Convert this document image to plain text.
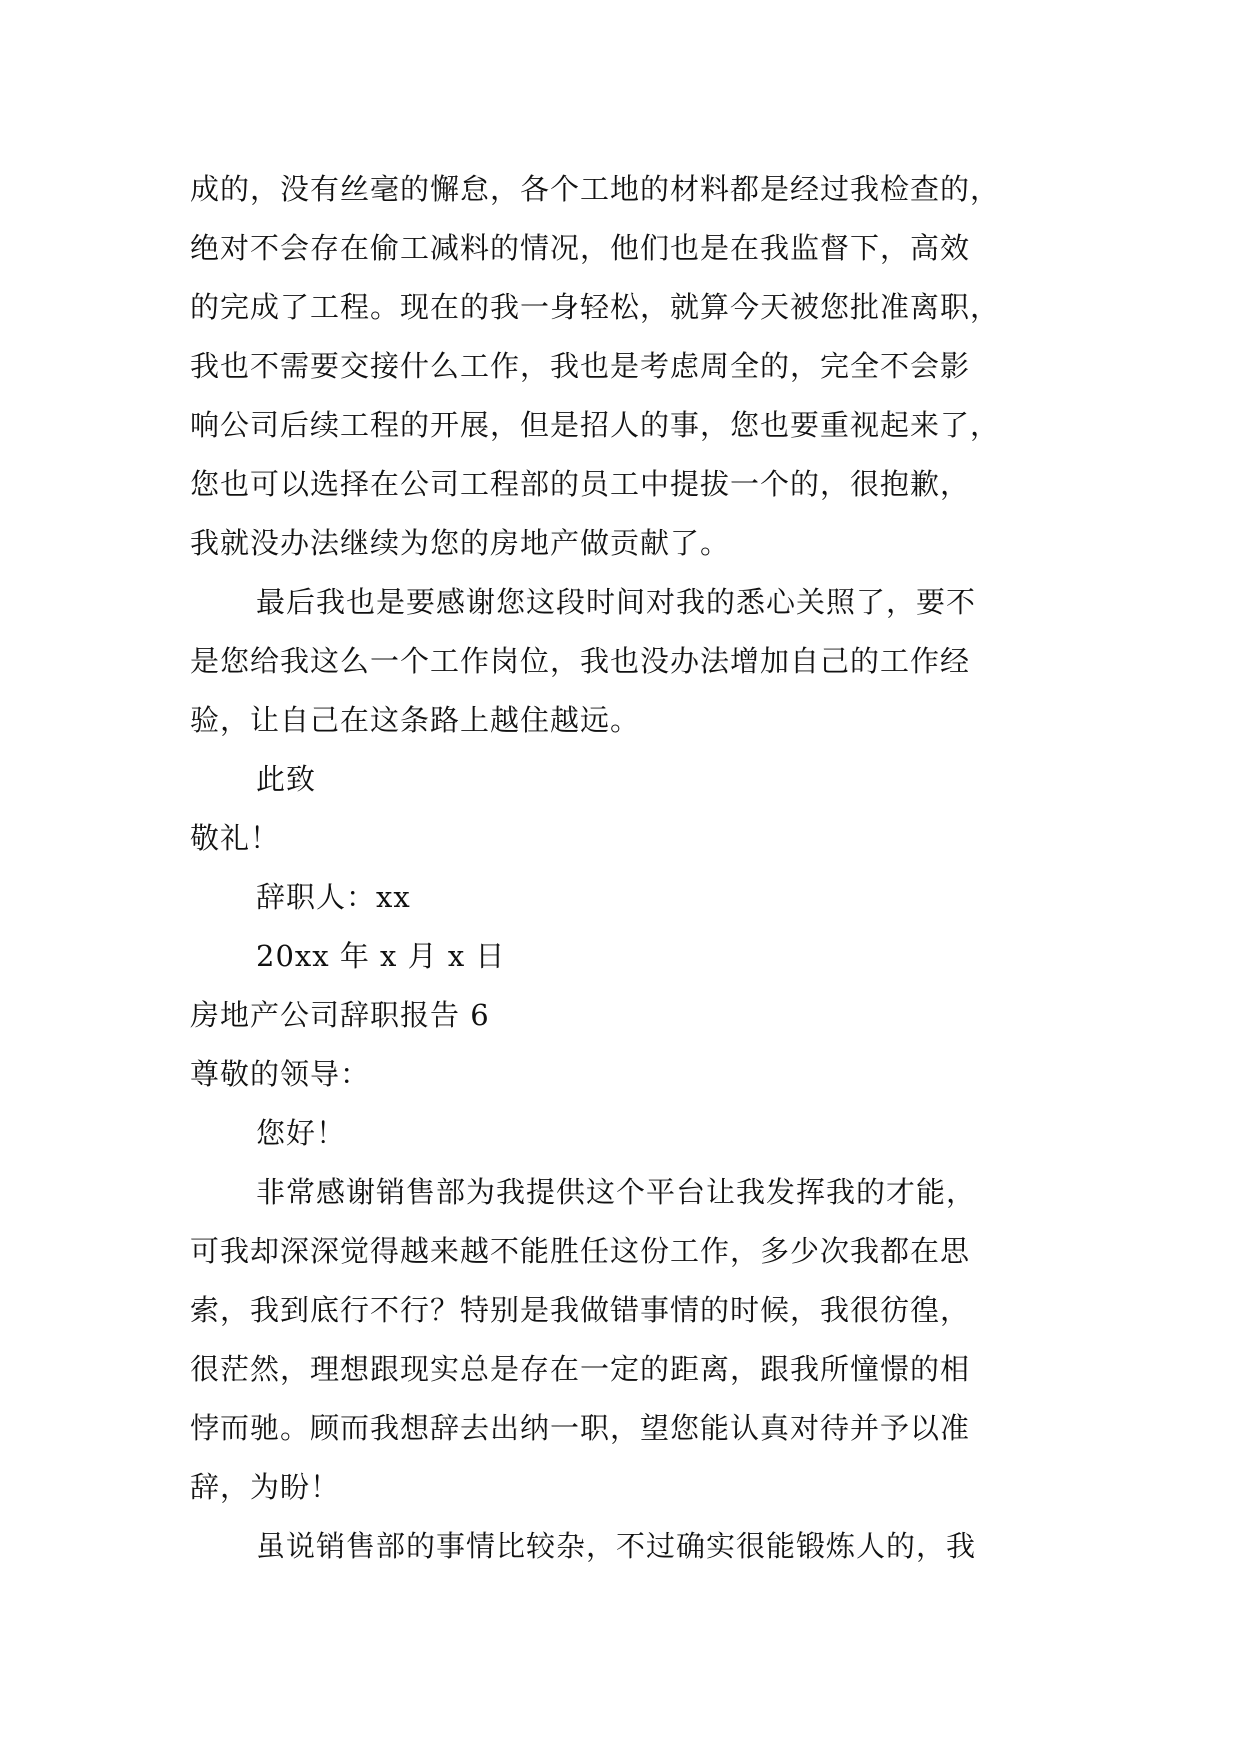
成的，没有丝毫的懈怠，各个工地的材料都是经过我检查的，
绝对不会存在偷工减料的情况，他们也是在我监督下，高效
的完成了工程。现在的我一身轻松，就算今天被您批准离职，
我也不需要交接什么工作，我也是考虑周全的，完全不会影
响公司后续工程的开展，但是招人的事，您也要重视起来了，
您也可以选择在公司工程部的员工中提拔一个的，很抱歉，
我就没办法继续为您的房地产做贡献了。
最后我也是要感谢您这段时间对我的悉心关照了，要不
是您给我这么一个工作岗位，我也没办法增加自己的工作经
验，让自己在这条路上越住越远。
此致
敬礼！
辞职人：xx
20xx 年 x 月 x 日
房地产公司辞职报告 6
尊敬的领导：
您好！
非常感谢销售部为我提供这个平台让我发挥我的才能，
可我却深深觉得越来越不能胜任这份工作，多少次我都在思
索，我到底行不行？特别是我做错事情的时候，我很彷徨，
很茫然，理想跟现实总是存在一定的距离，跟我所憧憬的相
悖而驰。顾而我想辞去出纳一职，望您能认真对待并予以准
辞，为盼！
虽说销售部的事情比较杂，不过确实很能锻炼人的，我
